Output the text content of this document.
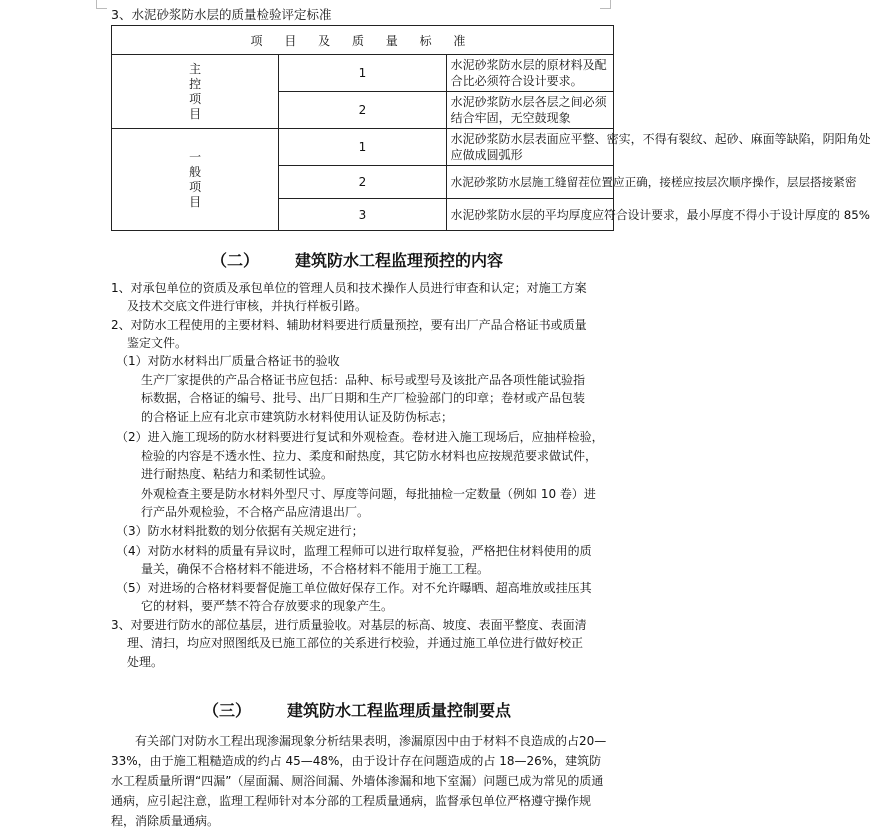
3、水泥砂浆防水层的质量检验评定标准
项 目 及 质 量 标 准		
主控项目	1	水泥砂浆防水层的原材料及配合比必须符合设计要求。
	2	水泥砂浆防水层各层之间必须结合牢固，无空鼓现象
一般项目	1	水泥砂浆防水层表面应平整、密实，不得有裂纹、起砂、麻面等缺陷，阴阳角处
应做成圆弧形

	2	水泥砂浆防水层施工缝留茬位置应正确，接槎应按层次顺序操作，层层搭接紧密
	3	水泥砂浆防水层的平均厚度应符合设计要求，最小厚度不得小于设计厚度的 85%
（二） 建筑防水工程监理预控的内容
1、对承包单位的资质及承包单位的管理人员和技术操作人员进行审查和认定；对施工方案
及技术交底文件进行审核，并执行样板引路。
2、对防水工程使用的主要材料、辅助材料要进行质量预控，要有出厂产品合格证书或质量
鉴定文件。
（1）对防水材料出厂质量合格证书的验收
生产厂家提供的产品合格证书应包括：品种、标号或型号及该批产品各项性能试验指
标数据，合格证的编号、批号、出厂日期和生产厂检验部门的印章；卷材或产品包装
的合格证上应有北京市建筑防水材料使用认证及防伪标志；
（2）进入施工现场的防水材料要进行复试和外观检查。卷材进入施工现场后，应抽样检验，
检验的内容是不透水性、拉力、柔度和耐热度，其它防水材料也应按规范要求做试件，
进行耐热度、粘结力和柔韧性试验。
外观检查主要是防水材料外型尺寸、厚度等问题，每批抽检一定数量（例如 10 卷）进
行产品外观检验，不合格产品应清退出厂。
（3）防水材料批数的划分依据有关规定进行；
（4）对防水材料的质量有异议时，监理工程师可以进行取样复验，严格把住材料使用的质
量关，确保不合格材料不能进场，不合格材料不能用于施工工程。
（5）对进场的合格材料要督促施工单位做好保存工作。对不允许曝晒、超高堆放或挂压其
它的材料，要严禁不符合存放要求的现象产生。
3、对要进行防水的部位基层，进行质量验收。对基层的标高、坡度、表面平整度、表面清
理、清扫，均应对照图纸及已施工部位的关系进行校验，并通过施工单位进行做好校正
处理。
（三） 建筑防水工程监理质量控制要点
有关部门对防水工程出现渗漏现象分析结果表明，渗漏原因中由于材料不良造成的占20—33%，由于施工粗糙造成的约占 45—48%，由于设计存在问题造成的占 18—26%，建筑防水工程质量所谓“四漏”（屋面漏、厕浴间漏、外墙体渗漏和地下室漏）问题已成为常见的质通通病，应引起注意，监理工程师针对本分部的工程质量通病，监督承包单位严格遵守操作规程，消除质量通病。
